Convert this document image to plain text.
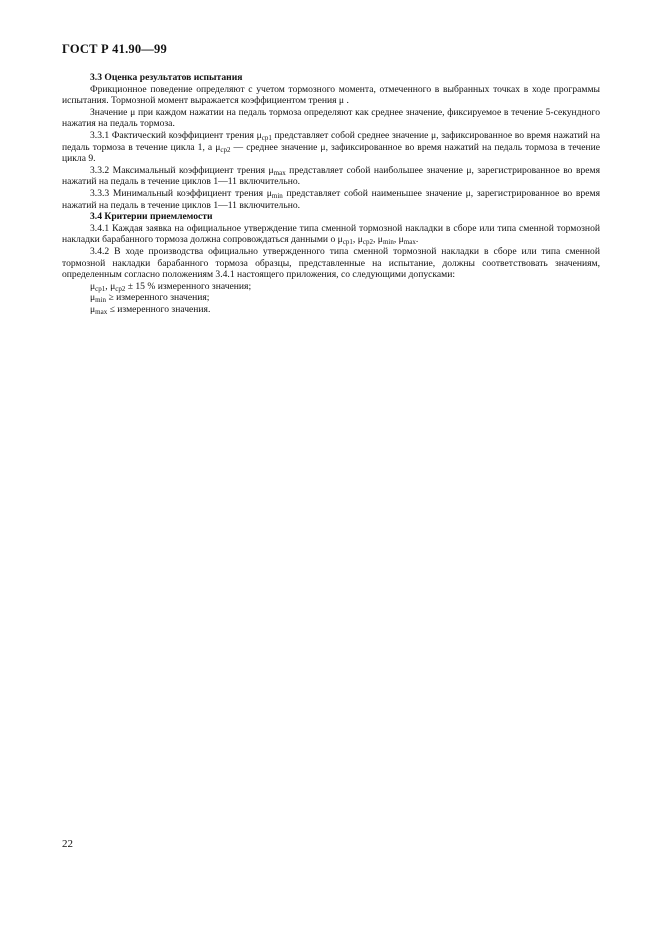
ГОСТ Р 41.90—99

3.3 Оценка результатов испытания

Фрикционное поведение определяют с учетом тормозного момента, отмеченного в выбранных точках в ходе программы испытания. Тормозной момент выражается коэффициентом трения μ .

Значение μ при каждом нажатии на педаль тормоза определяют как среднее значение, фиксируемое в течение 5-секундного нажатия на педаль тормоза.

3.3.1 Фактический коэффициент трения $\mu_{ср1}$ представляет собой среднее значение μ, зафиксированное во время нажатий на педаль тормоза в течение цикла 1, а $\mu_{ср2}$ — среднее значение μ, зафиксированное во время нажатий на педаль тормоза в течение цикла 9.

3.3.2 Максимальный коэффициент трения $\mu_{max}$ представляет собой наибольшее значение μ, зарегистрированное во время нажатий на педаль в течение циклов 1—11 включительно.

3.3.3 Минимальный коэффициент трения $\mu_{min}$ представляет собой наименьшее значение μ, зарегистрированное во время нажатий на педаль в течение циклов 1—11 включительно.

3.4 Критерии приемлемости

3.4.1 Каждая заявка на официальное утверждение типа сменной тормозной накладки в сборе или типа сменной тормозной накладки барабанного тормоза должна сопровождаться данными о $\mu_{ср1}$, $\mu_{ср2}$, $\mu_{min}$, $\mu_{max}$.

3.4.2 В ходе производства официально утвержденного типа сменной тормозной накладки в сборе или типа сменной тормозной накладки барабанного тормоза образцы, представленные на испытание, должны соответствовать значениям, определенным согласно положениям 3.4.1 настоящего приложения, со следующими допусками:

$\mu_{ср1}$, $\mu_{ср2} \pm 15$ % измеренного значения;

$\mu_{min}$ ≥ измеренного значения;

$\mu_{max}$ ≤ измеренного значения.

22
